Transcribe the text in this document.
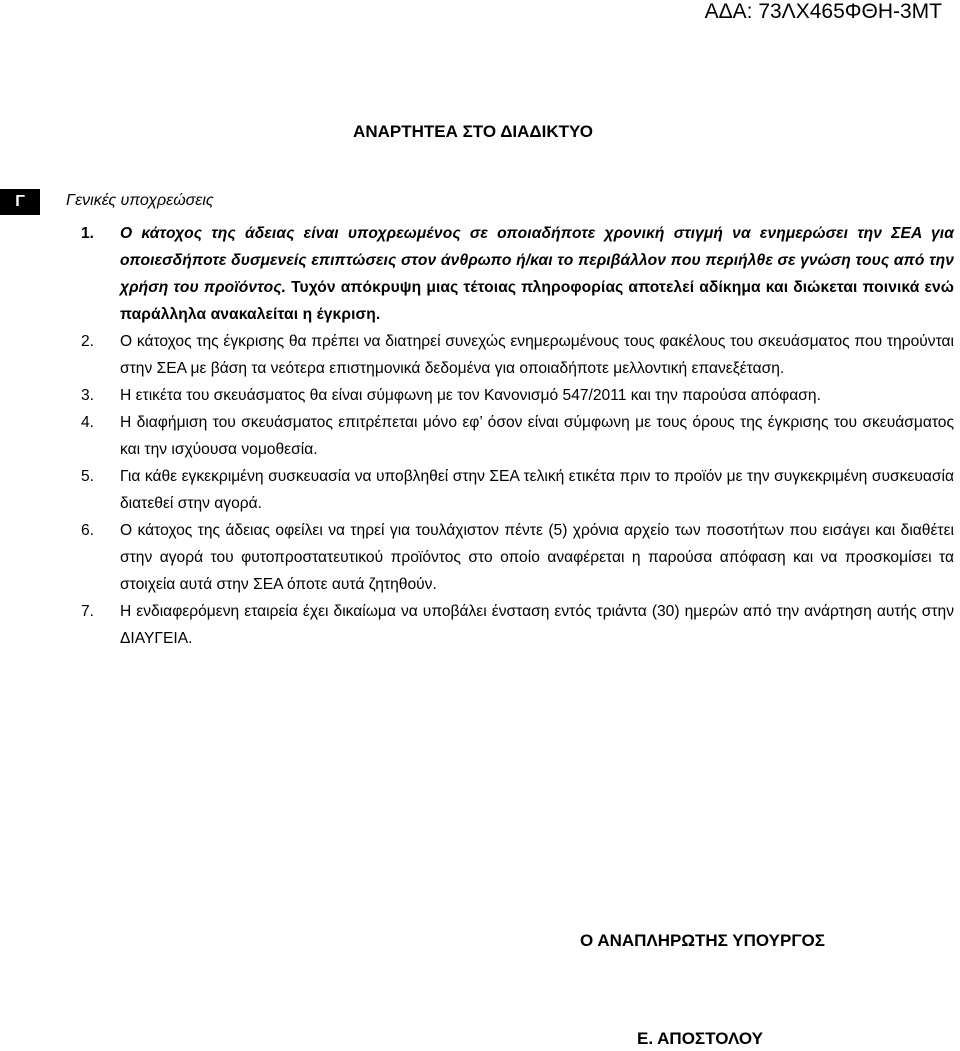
ΑΔΑ: 73ΛΧ465ΦΘΗ-3ΜΤ
ΑΝΑΡΤΗΤΕΑ ΣΤΟ ΔΙΑΔΙΚΤΥΟ
Γ	Γενικές υποχρεώσεις
1. Ο κάτοχος της άδειας είναι υποχρεωμένος σε οποιαδήποτε χρονική στιγμή να ενημερώσει την ΣΕΑ για οποιεσδήποτε δυσμενείς επιπτώσεις στον άνθρωπο ή/και το περιβάλλον που περιήλθε σε γνώση τους από την χρήση του προϊόντος. Τυχόν απόκρυψη μιας τέτοιας πληροφορίας αποτελεί αδίκημα και διώκεται ποινικά ενώ παράλληλα ανακαλείται η έγκριση.
2. Ο κάτοχος της έγκρισης θα πρέπει να διατηρεί συνεχώς ενημερωμένους τους φακέλους του σκευάσματος που τηρούνται στην ΣΕΑ με βάση τα νεότερα επιστημονικά δεδομένα για οποιαδήποτε μελλοντική επανεξέταση.
3. Η ετικέτα του σκευάσματος θα είναι σύμφωνη με τον Κανονισμό 547/2011 και την παρούσα απόφαση.
4. Η διαφήμιση του σκευάσματος επιτρέπεται μόνο εφ’ όσον είναι σύμφωνη με τους όρους της έγκρισης του σκευάσματος και την ισχύουσα νομοθεσία.
5. Για κάθε εγκεκριμένη συσκευασία να υποβληθεί στην ΣΕΑ τελική ετικέτα πριν το προϊόν με την συγκεκριμένη συσκευασία διατεθεί στην αγορά.
6. Ο κάτοχος της άδειας οφείλει να τηρεί για τουλάχιστον πέντε (5) χρόνια αρχείο των ποσοτήτων που εισάγει και διαθέτει στην αγορά του φυτοπροστατευτικού προϊόντος στο οποίο αναφέρεται η παρούσα απόφαση και να προσκομίσει τα στοιχεία αυτά στην ΣΕΑ όποτε αυτά ζητηθούν.
7. Η ενδιαφερόμενη εταιρεία έχει δικαίωμα να υποβάλει ένσταση εντός τριάντα (30) ημερών από την ανάρτηση αυτής στην ΔΙΑΥΓΕΙΑ.
Ο ΑΝΑΠΛΗΡΩΤΗΣ ΥΠΟΥΡΓΟΣ
Ε. ΑΠΟΣΤΟΛΟΥ
